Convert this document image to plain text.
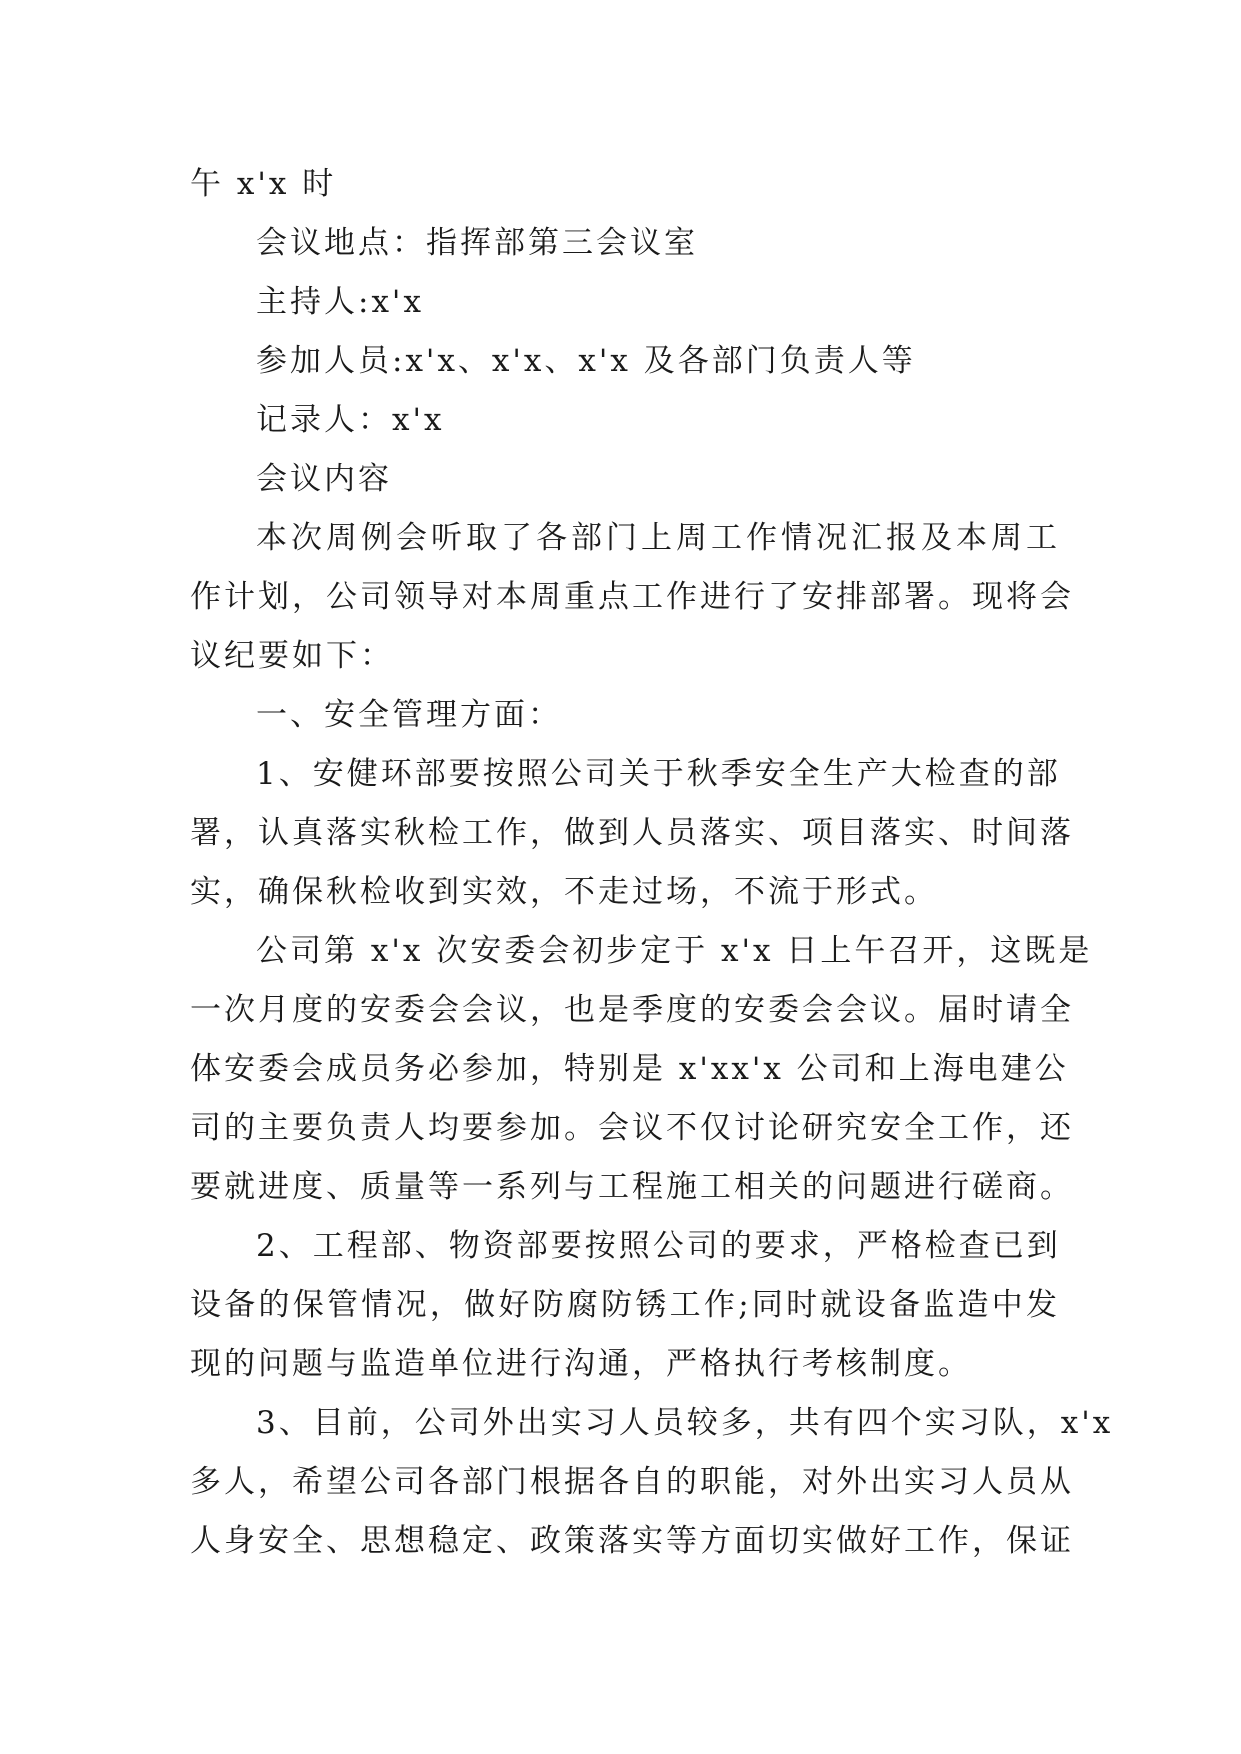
午 x'x 时
会议地点：指挥部第三会议室
主持人:x'x
参加人员:x'x、x'x、x'x 及各部门负责人等
记录人：x'x
会议内容
本次周例会听取了各部门上周工作情况汇报及本周工
作计划，公司领导对本周重点工作进行了安排部署。现将会
议纪要如下：
一、安全管理方面：
1、安健环部要按照公司关于秋季安全生产大检查的部
署，认真落实秋检工作，做到人员落实、项目落实、时间落
实，确保秋检收到实效，不走过场，不流于形式。
公司第 x'x 次安委会初步定于 x'x 日上午召开，这既是
一次月度的安委会会议，也是季度的安委会会议。届时请全
体安委会成员务必参加，特别是 x'xx'x 公司和上海电建公
司的主要负责人均要参加。会议不仅讨论研究安全工作，还
要就进度、质量等一系列与工程施工相关的问题进行磋商。
2、工程部、物资部要按照公司的要求，严格检查已到
设备的保管情况，做好防腐防锈工作;同时就设备监造中发
现的问题与监造单位进行沟通，严格执行考核制度。
3、目前，公司外出实习人员较多，共有四个实习队，x'x
多人，希望公司各部门根据各自的职能，对外出实习人员从
人身安全、思想稳定、政策落实等方面切实做好工作，保证
